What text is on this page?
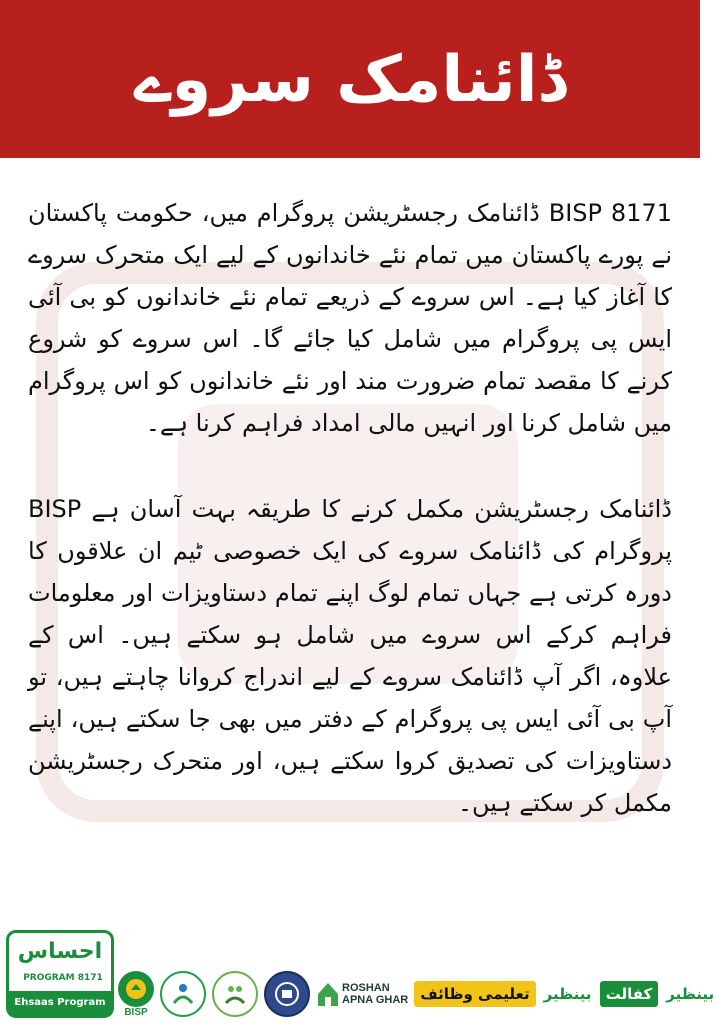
ڈائنامک سروے

BISP 8171 ڈائنامک رجسٹریشن پروگرام میں، حکومت پاکستان نے پورے پاکستان میں تمام نئے خاندانوں کے لیے ایک متحرک سروے کا آغاز کیا ہے۔ اس سروے کے ذریعے تمام نئے خاندانوں کو بی آئی ایس پی پروگرام میں شامل کیا جائے گا۔ اس سروے کو شروع کرنے کا مقصد تمام ضرورت مند اور نئے خاندانوں کو اس پروگرام میں شامل کرنا اور انہیں مالی امداد فراہم کرنا ہے۔

ڈائنامک رجسٹریشن مکمل کرنے کا طریقہ بہت آسان ہے BISP پروگرام کی ڈائنامک سروے کی ایک خصوصی ٹیم ان علاقوں کا دورہ کرتی ہے جہاں تمام لوگ اپنے تمام دستاویزات اور معلومات فراہم کرکے اس سروے میں شامل ہو سکتے ہیں۔ اس کے علاوہ، اگر آپ ڈائنامک سروے کے لیے اندراج کروانا چاہتے ہیں، تو آپ بی آئی ایس پی پروگرام کے دفتر میں بھی جا سکتے ہیں، اپنے دستاویزات کی تصدیق کروا سکتے ہیں، اور متحرک رجسٹریشن مکمل کر سکتے ہیں۔

احساس
PROGRAM 8171
Ehsaas Program
BISP
ROSHAN
APNA GHAR تعلیمی وظائف بینظیر کفالت بینظیر
